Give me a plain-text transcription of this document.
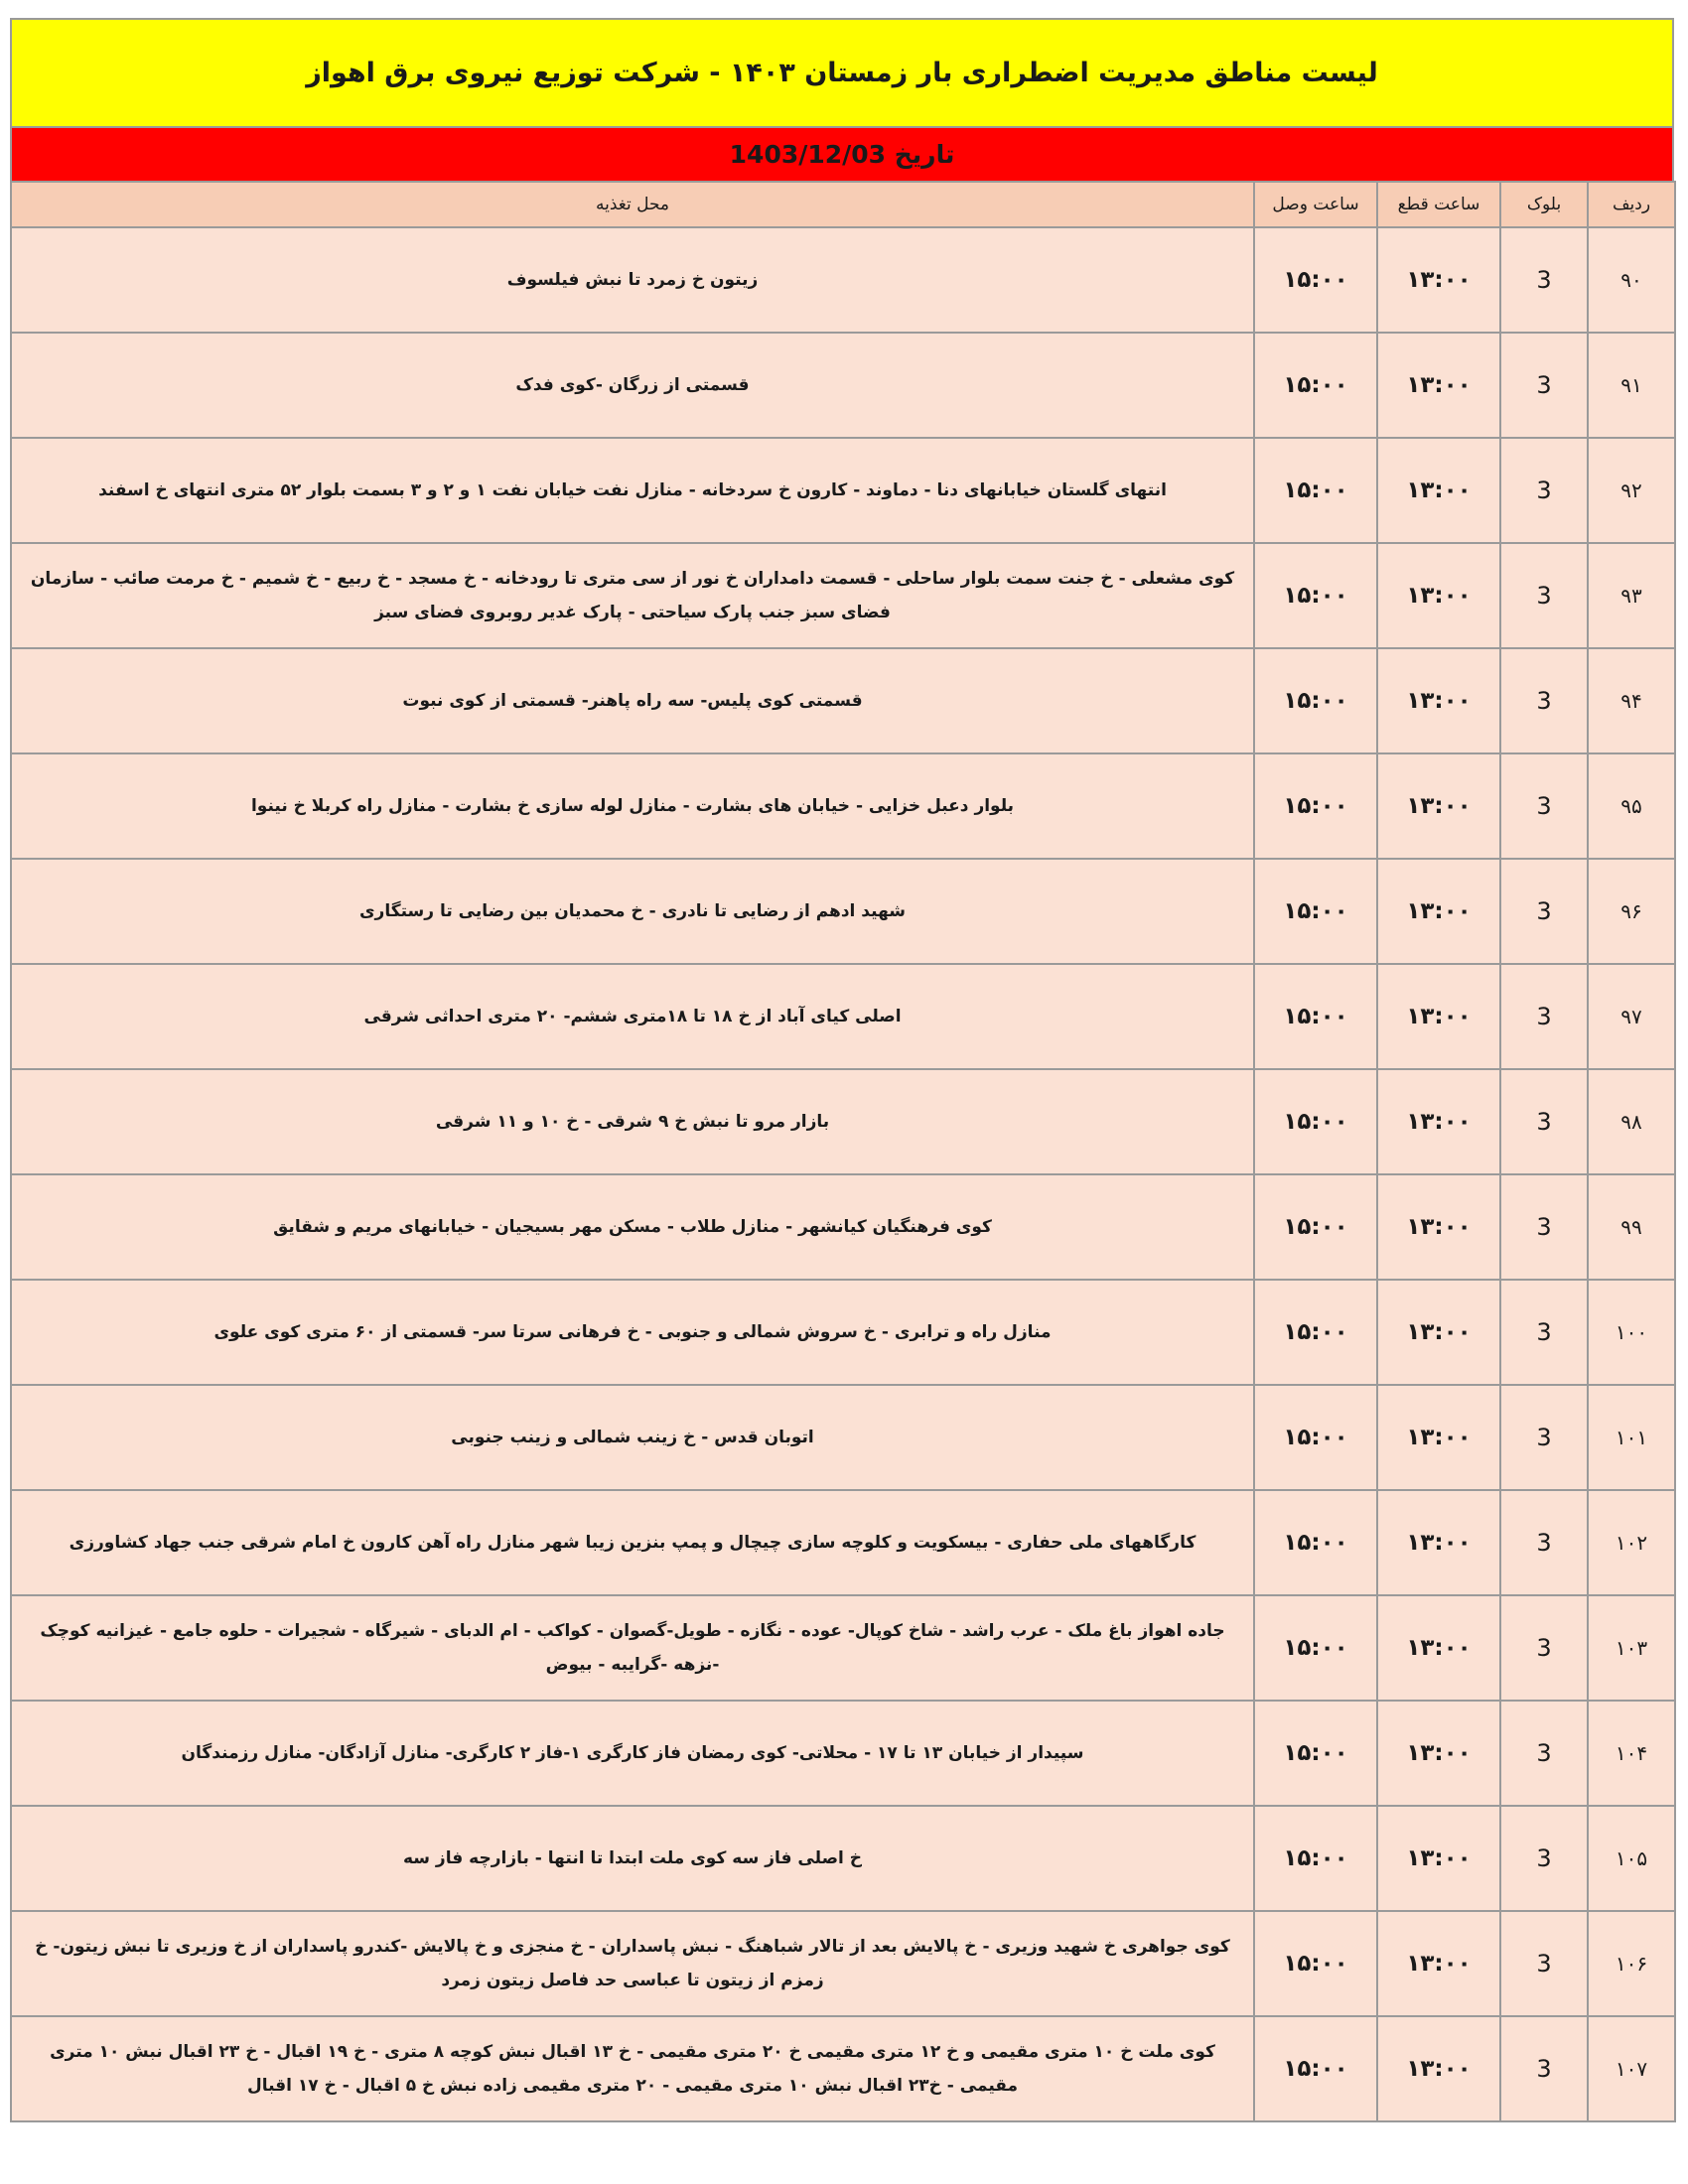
لیست مناطق مدیریت اضطراری بار زمستان ۱۴۰۳ - شرکت توزیع نیروی برق اهواز
تاریخ 1403/12/03
ردیف	بلوک	ساعت قطع	ساعت وصل	محل تغذیه
۹۰	3	۱۳:۰۰	۱۵:۰۰	زیتون خ زمرد تا نبش فیلسوف
۹۱	3	۱۳:۰۰	۱۵:۰۰	قسمتی از زرگان -کوی فدک
۹۲	3	۱۳:۰۰	۱۵:۰۰	انتهای گلستان خیابانهای دنا - دماوند - کارون خ سردخانه - منازل نفت خیابان نفت ۱ و ۲ و ۳ بسمت بلوار ۵۲ متری انتهای خ اسفند
۹۳	3	۱۳:۰۰	۱۵:۰۰	کوی مشعلی - خ جنت سمت بلوار ساحلی - قسمت دامداران خ نور از سی متری تا رودخانه - خ مسجد - خ ربیع - خ شمیم - خ مرمت صائب - سازمان فضای سبز جنب پارک سیاحتی - پارک غدیر روبروی فضای سبز
۹۴	3	۱۳:۰۰	۱۵:۰۰	قسمتی کوی پلیس- سه راه پاهنر- قسمتی از کوی نبوت
۹۵	3	۱۳:۰۰	۱۵:۰۰	بلوار دعبل خزایی - خیابان های بشارت - منازل لوله سازی خ بشارت - منازل راه کربلا خ نینوا
۹۶	3	۱۳:۰۰	۱۵:۰۰	شهید ادهم از رضایی تا نادری - خ محمدیان بین رضایی تا رستگاری
۹۷	3	۱۳:۰۰	۱۵:۰۰	اصلی کیای آباد از خ ۱۸ تا ۱۸متری ششم- ۲۰ متری احداثی شرقی
۹۸	3	۱۳:۰۰	۱۵:۰۰	بازار مرو تا نبش خ ۹ شرقی - خ ۱۰ و ۱۱ شرقی
۹۹	3	۱۳:۰۰	۱۵:۰۰	کوی فرهنگیان کیانشهر - منازل طلاب - مسکن مهر بسیجیان - خیابانهای مریم و شقایق
۱۰۰	3	۱۳:۰۰	۱۵:۰۰	منازل راه و ترابری - خ سروش شمالی و جنوبی - خ فرهانی سرتا سر- قسمتی از ۶۰ متری کوی علوی
۱۰۱	3	۱۳:۰۰	۱۵:۰۰	اتوبان قدس - خ زینب شمالی و زینب جنوبی
۱۰۲	3	۱۳:۰۰	۱۵:۰۰	کارگاههای ملی حفاری - بیسکویت و کلوچه سازی چیچال و پمپ بنزین زیبا شهر منازل راه آهن کارون خ امام شرقی جنب جهاد کشاورزی
۱۰۳	3	۱۳:۰۰	۱۵:۰۰	جاده اهواز باغ ملک - عرب راشد - شاخ کوپال- عوده - نگازه - طویل-گصوان - کواکب - ام الدبای - شیرگاه - شجیرات - حلوه جامع - غیزانیه کوچک -نزهه -گرایبه - بیوض
۱۰۴	3	۱۳:۰۰	۱۵:۰۰	سپیدار از خیابان ۱۳ تا ۱۷ - محلاتی- کوی رمضان فاز کارگری ۱-فاز ۲ کارگری- منازل آزادگان- منازل رزمندگان
۱۰۵	3	۱۳:۰۰	۱۵:۰۰	خ اصلی فاز سه کوی ملت ابتدا تا انتها - بازارچه فاز سه
۱۰۶	3	۱۳:۰۰	۱۵:۰۰	کوی جواهری خ شهید وزیری - خ پالایش بعد از تالار شباهنگ - نبش پاسداران - خ منجزی و خ پالایش -کندرو پاسداران از خ وزیری تا نبش زیتون- خ زمزم از زیتون تا عباسی حد فاصل زیتون زمرد
۱۰۷	3	۱۳:۰۰	۱۵:۰۰	کوی ملت خ ۱۰ متری مقیمی و خ ۱۲ متری مقیمی خ ۲۰ متری مقیمی - خ ۱۳ اقبال نبش کوچه ۸ متری - خ ۱۹ اقبال - خ ۲۳ اقبال نبش ۱۰ متری مقیمی - خ۲۳ اقبال نبش ۱۰ متری مقیمی - ۲۰ متری مقیمی زاده نبش خ ۵ اقبال - خ ۱۷ اقبال
